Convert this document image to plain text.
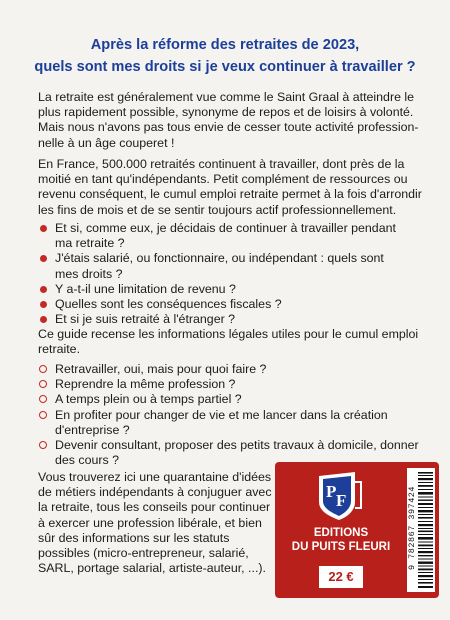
Après la réforme des retraites de 2023,
quels sont mes droits si je veux continuer à travailler ?
La retraite est généralement vue comme le Saint Graal à atteindre le
plus rapidement possible, synonyme de repos et de loisirs à volonté.
Mais nous n'avons pas tous envie de cesser toute activité profession-
nelle à un âge couperet !
En France, 500.000 retraités continuent à travailler, dont près de la
moitié en tant qu'indépendants. Petit complément de ressources ou
revenu conséquent, le cumul emploi retraite permet à la fois d'arrondir
les fins de mois et de se sentir toujours actif professionnellement.
Et si, comme eux, je décidais de continuer à travailler pendant
ma retraite ?
J'étais salarié, ou fonctionnaire, ou indépendant : quels sont
mes droits ?
Y a-t-il une limitation de revenu ?
Quelles sont les conséquences fiscales ?
Et si je suis retraité à l'étranger ?
Ce guide recense les informations légales utiles pour le cumul emploi
retraite.
Retravailler, oui, mais pour quoi faire ?
Reprendre la même profession ?
A temps plein ou à temps partiel ?
En profiter pour changer de vie et me lancer dans la création
d'entreprise ?
Devenir consultant, proposer des petits travaux à domicile, donner
des cours ?
Vous trouverez ici une quarantaine d'idées
de métiers indépendants à conjuguer avec
la retraite, tous les conseils pour continuer
à exercer une profession libérale, et bien
sûr des informations sur les statuts
possibles (micro-entrepreneur, salarié,
SARL, portage salarial, artiste-auteur, ...).
P F
EDITIONS
DU PUITS FLEURI
22 €
9 782867 397424
